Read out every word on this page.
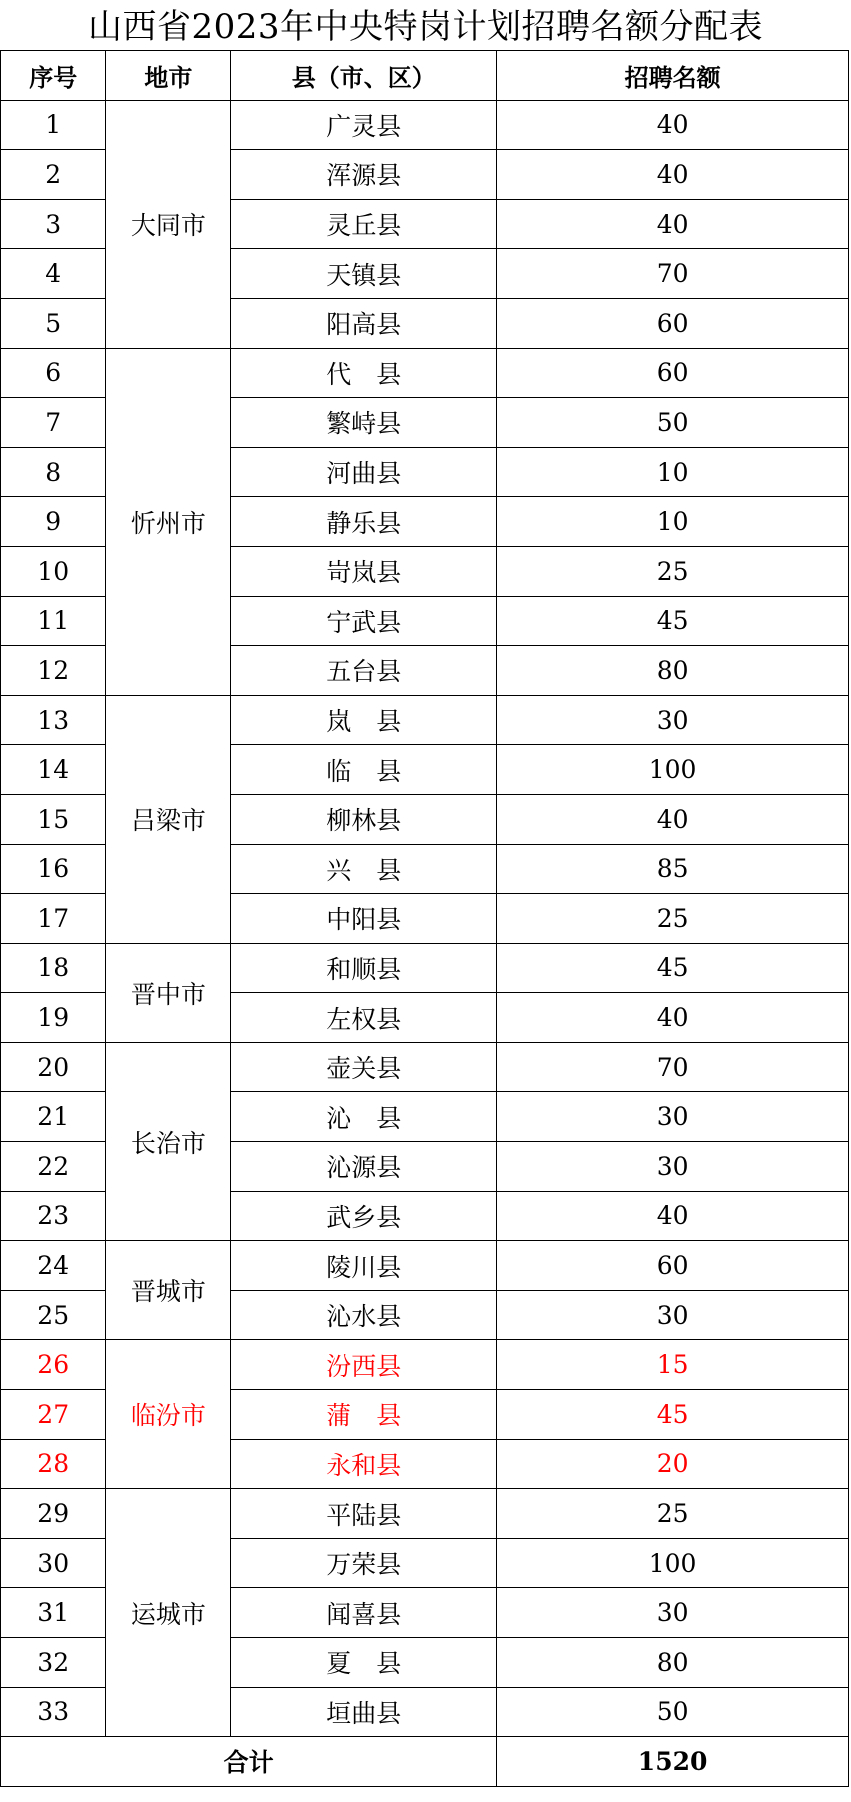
山西省2023年中央特岗计划招聘名额分配表
序号	地市	县（市、区）	招聘名额
1	大同市	广灵县	40
2		浑源县	40
3		灵丘县	40
4		天镇县	70
5		阳高县	60
6	忻州市	代　县	60
7		繁峙县	50
8		河曲县	10
9		静乐县	10
10		岢岚县	25
11		宁武县	45
12		五台县	80
13	吕梁市	岚　县	30
14		临　县	100
15		柳林县	40
16		兴　县	85
17		中阳县	25
18	晋中市	和顺县	45
19		左权县	40
20	长治市	壶关县	70
21		沁　县	30
22		沁源县	30
23		武乡县	40
24	晋城市	陵川县	60
25		沁水县	30
26	临汾市	汾西县	15
27		蒲　县	45
28		永和县	20
29	运城市	平陆县	25
30		万荣县	100
31		闻喜县	30
32		夏　县	80
33		垣曲县	50
合计			1520
